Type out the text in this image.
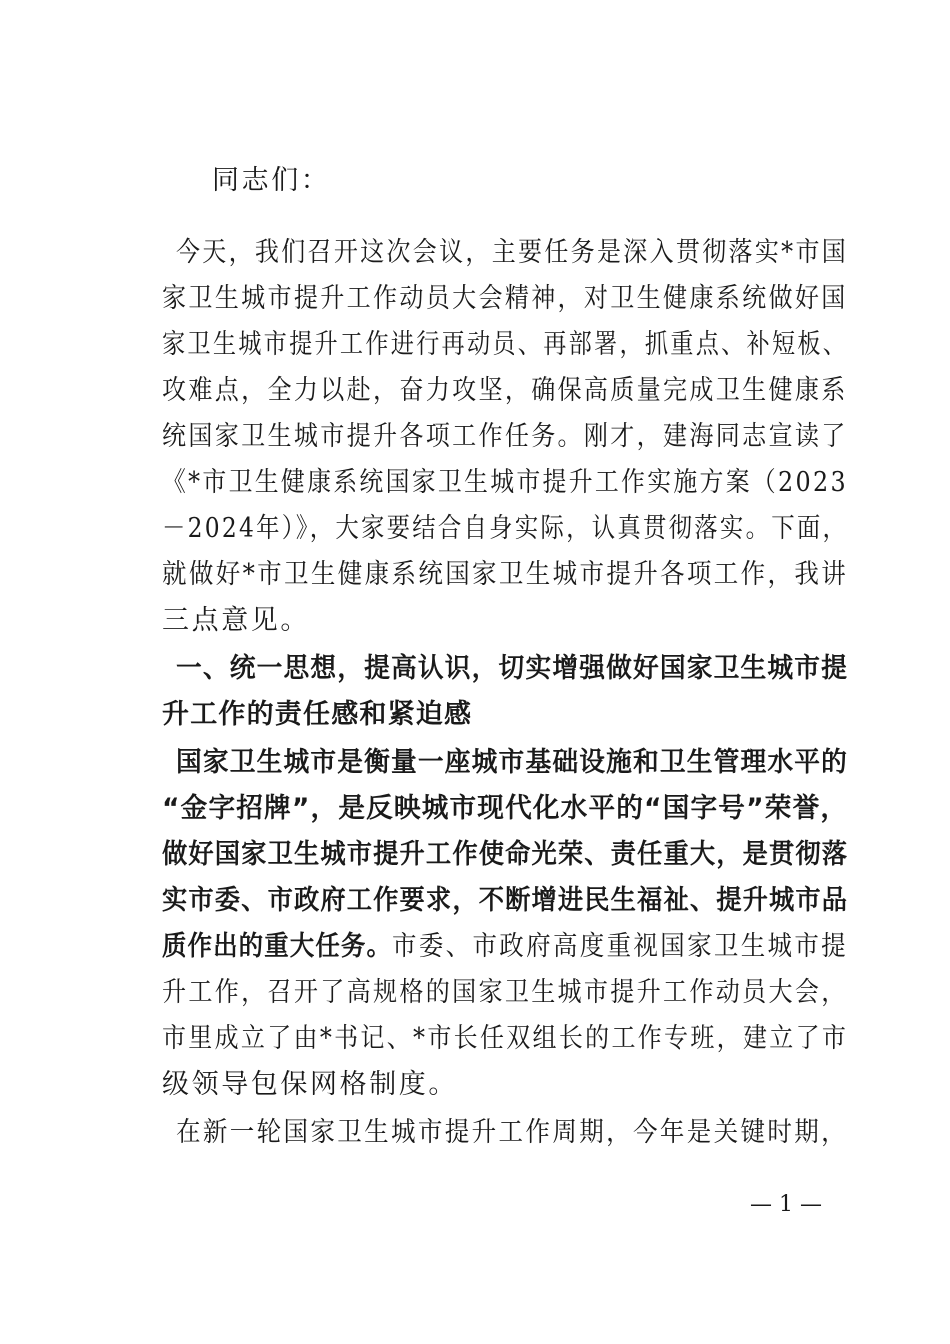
同志们：
今天，我们召开这次会议，主要任务是深入贯彻落实*市国
家卫生城市提升工作动员大会精神，对卫生健康系统做好国
家卫生城市提升工作进行再动员、再部署，抓重点、补短板、
攻难点，全力以赴，奋力攻坚，确保高质量完成卫生健康系
统国家卫生城市提升各项工作任务。刚才，建海同志宣读了
《*市卫生健康系统国家卫生城市提升工作实施方案（2023
－2024年）》，大家要结合自身实际，认真贯彻落实。下面，
就做好*市卫生健康系统国家卫生城市提升各项工作，我讲
三点意见。
一、统一思想，提高认识，切实增强做好国家卫生城市提
升工作的责任感和紧迫感
国家卫生城市是衡量一座城市基础设施和卫生管理水平的
“金字招牌”，是反映城市现代化水平的“国字号”荣誉，
做好国家卫生城市提升工作使命光荣、责任重大，是贯彻落
实市委、市政府工作要求，不断增进民生福祉、提升城市品
质作出的重大任务。市委、市政府高度重视国家卫生城市提
升工作，召开了高规格的国家卫生城市提升工作动员大会，
市里成立了由*书记、*市长任双组长的工作专班，建立了市
级领导包保网格制度。
在新一轮国家卫生城市提升工作周期，今年是关键时期，
— 1 —
